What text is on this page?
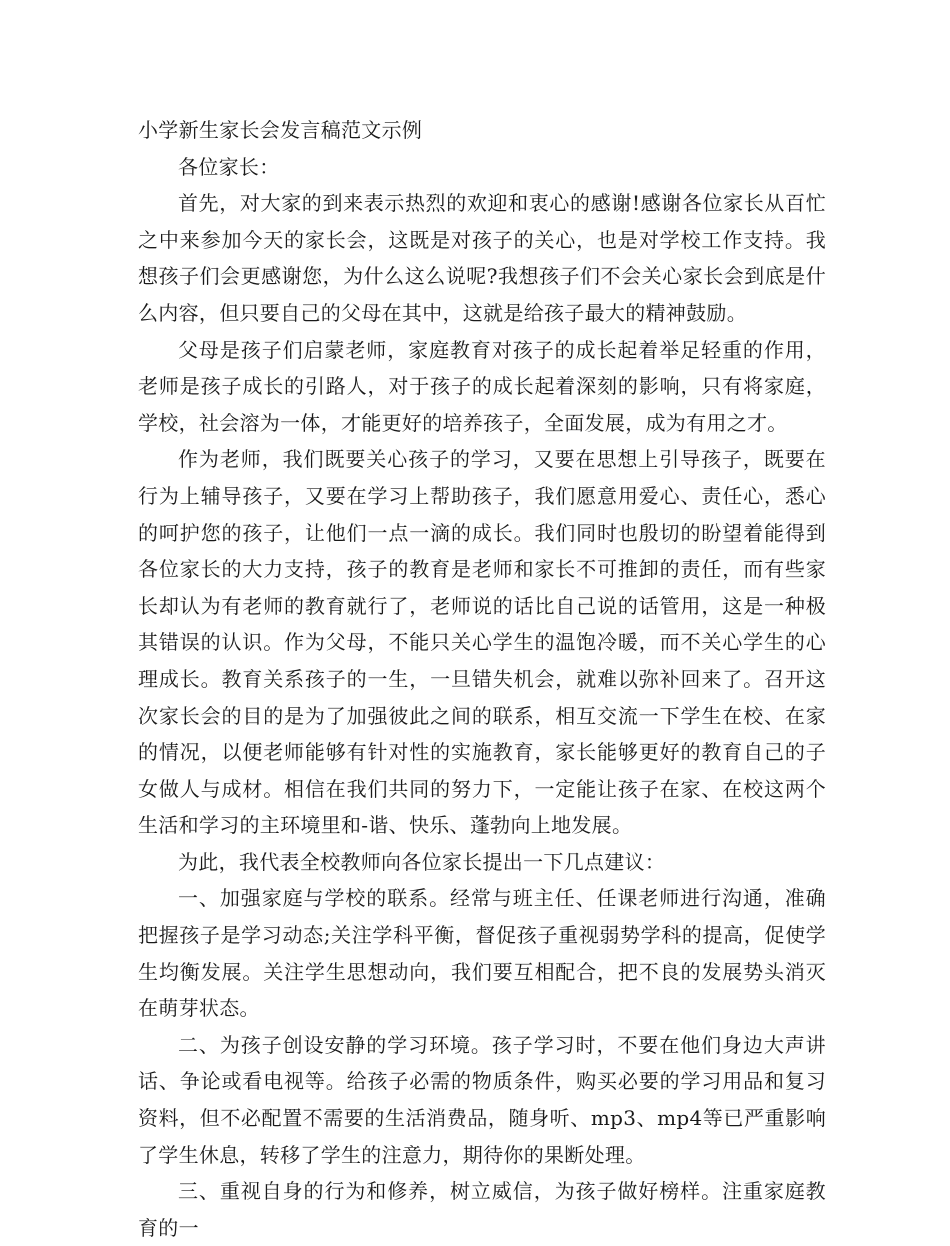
小学新生家长会发言稿范文示例

各位家长：

首先，对大家的到来表示热烈的欢迎和衷心的感谢!感谢各位家长从百忙之中来参加今天的家长会，这既是对孩子的关心，也是对学校工作支持。我想孩子们会更感谢您，为什么这么说呢?我想孩子们不会关心家长会到底是什么内容，但只要自己的父母在其中，这就是给孩子最大的精神鼓励。

父母是孩子们启蒙老师，家庭教育对孩子的成长起着举足轻重的作用，老师是孩子成长的引路人，对于孩子的成长起着深刻的影响，只有将家庭，学校，社会溶为一体，才能更好的培养孩子，全面发展，成为有用之才。

作为老师，我们既要关心孩子的学习，又要在思想上引导孩子，既要在行为上辅导孩子，又要在学习上帮助孩子，我们愿意用爱心、责任心，悉心的呵护您的孩子，让他们一点一滴的成长。我们同时也殷切的盼望着能得到各位家长的大力支持，孩子的教育是老师和家长不可推卸的责任，而有些家长却认为有老师的教育就行了，老师说的话比自己说的话管用，这是一种极其错误的认识。作为父母，不能只关心学生的温饱冷暖，而不关心学生的心理成长。教育关系孩子的一生，一旦错失机会，就难以弥补回来了。召开这次家长会的目的是为了加强彼此之间的联系，相互交流一下学生在校、在家的情况，以便老师能够有针对性的实施教育，家长能够更好的教育自己的子女做人与成材。相信在我们共同的努力下，一定能让孩子在家、在校这两个生活和学习的主环境里和-谐、快乐、蓬勃向上地发展。

为此，我代表全校教师向各位家长提出一下几点建议：

一、加强家庭与学校的联系。经常与班主任、任课老师进行沟通，准确把握孩子是学习动态;关注学科平衡，督促孩子重视弱势学科的提高，促使学生均衡发展。关注学生思想动向，我们要互相配合，把不良的发展势头消灭在萌芽状态。

二、为孩子创设安静的学习环境。孩子学习时，不要在他们身边大声讲话、争论或看电视等。给孩子必需的物质条件，购买必要的学习用品和复习资料，但不必配置不需要的生活消费品，随身听、mp3、mp4等已严重影响了学生休息，转移了学生的注意力，期待你的果断处理。

三、重视自身的行为和修养，树立威信，为孩子做好榜样。注重家庭教育的一
